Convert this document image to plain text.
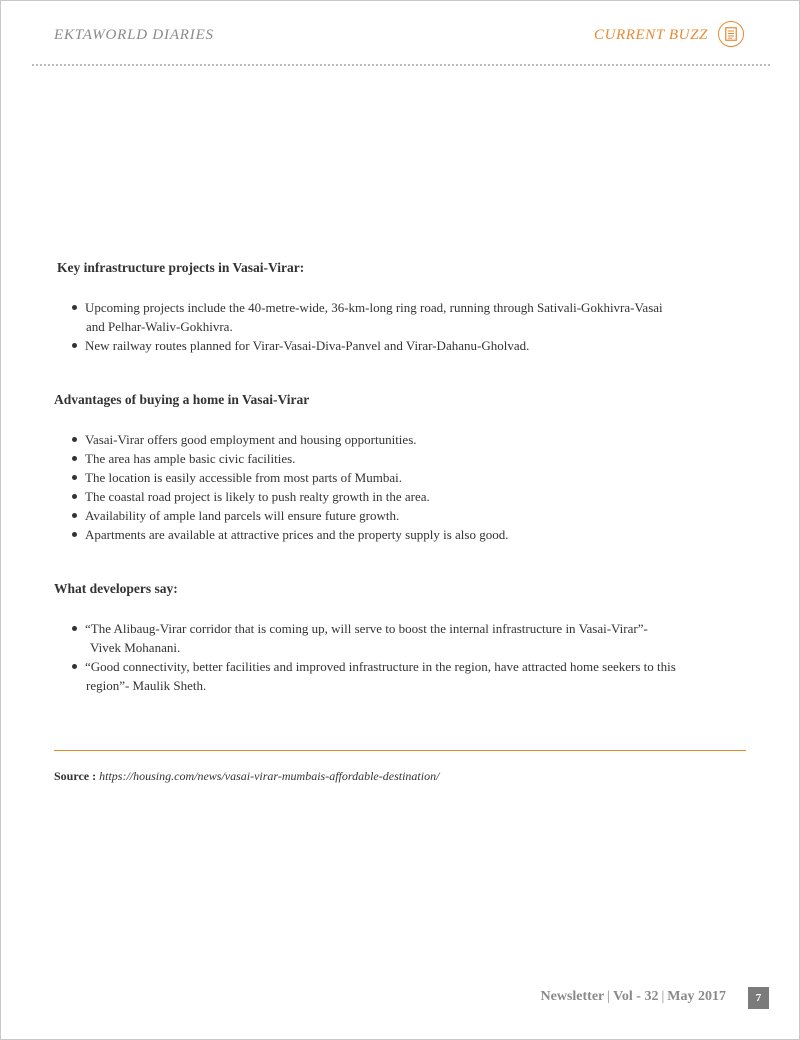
EKTAWORLD DIARIES	CURRENT BUZZ
Key infrastructure projects in Vasai-Virar:
Upcoming projects include the 40-metre-wide, 36-km-long ring road, running through Sativali-Gokhivra-Vasai
and Pelhar-Waliv-Gokhivra.
New railway routes planned for Virar-Vasai-Diva-Panvel and Virar-Dahanu-Gholvad.
Advantages of buying a home in Vasai-Virar
Vasai-Virar offers good employment and housing opportunities.
The area has ample basic civic facilities.
The location is easily accessible from most parts of Mumbai.
The coastal road project is likely to push realty growth in the area.
Availability of ample land parcels will ensure future growth.
Apartments are available at attractive prices and the property supply is also good.
What developers say:
“The Alibaug-Virar corridor that is coming up, will serve to boost the internal infrastructure in Vasai-Virar”-
Vivek Mohanani.
“Good connectivity, better facilities and improved infrastructure in the region, have attracted home seekers to this
region”- Maulik Sheth.
Source : https://housing.com/news/vasai-virar-mumbais-affordable-destination/
Newsletter | Vol - 32 | May 2017	7
